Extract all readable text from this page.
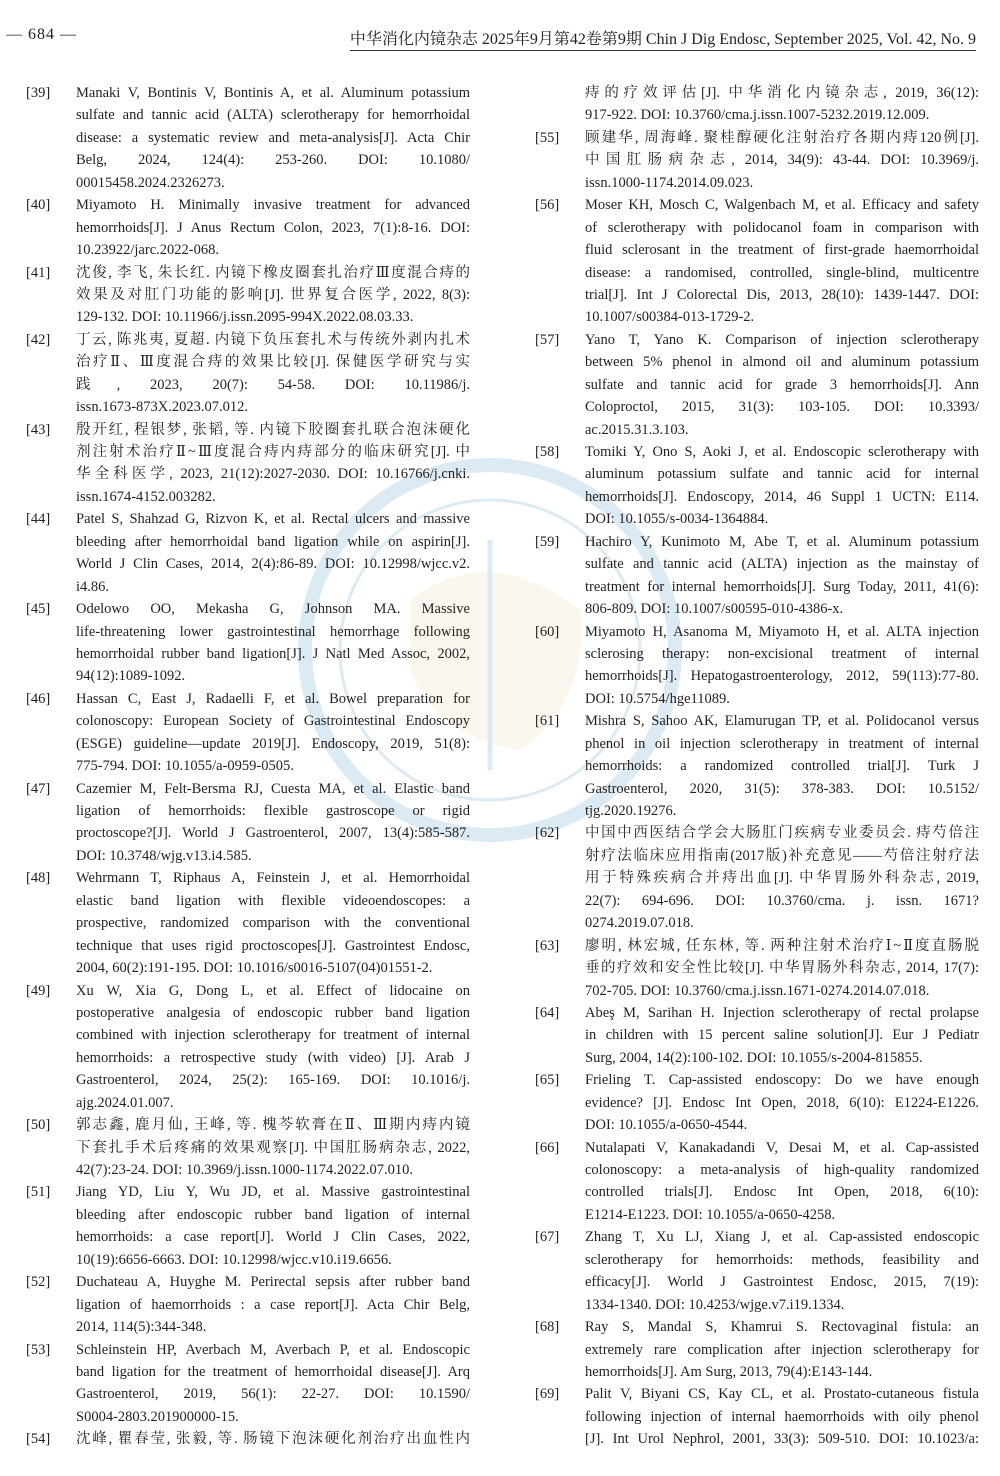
— 684 —	中华消化内镜杂志 2025年9月第42卷第9期 Chin J Dig Endosc, September 2025, Vol. 42, No. 9
[39] Manaki V, Bontinis V, Bontinis A, et al. Aluminum potassium
sulfate and tannic acid (ALTA) sclerotherapy for hemorrhoidal
disease: a systematic review and meta-analysis[J]. Acta Chir
Belg, 2024, 124(4): 253-260. DOI: 10.1080/
00015458.2024.2326273.
[40] Miyamoto H. Minimally invasive treatment for advanced
hemorrhoids[J]. J Anus Rectum Colon, 2023, 7(1):8-16. DOI:
10.23922/jarc.2022-068.
[41] 沈俊, 李飞, 朱长红. 内镜下橡皮圈套扎治疗Ⅲ度混合痔的
效果及对肛门功能的影响[J]. 世界复合医学, 2022, 8(3):
129-132. DOI: 10.11966/j.issn.2095-994X.2022.08.03.33.
[42] 丁云, 陈兆夷, 夏超. 内镜下负压套扎术与传统外剥内扎术
治疗Ⅱ、Ⅲ度混合痔的效果比较[J]. 保健医学研究与实
践, 2023, 20(7): 54-58. DOI: 10.11986/j.
issn.1673-873X.2023.07.012.
[43] 殷开红, 程银梦, 张韬, 等. 内镜下胶圈套扎联合泡沫硬化
剂注射术治疗Ⅱ~Ⅲ度混合痔内痔部分的临床研究[J]. 中
华全科医学, 2023, 21(12):2027-2030. DOI: 10.16766/j.cnki.
issn.1674-4152.003282.
[44] Patel S, Shahzad G, Rizvon K, et al. Rectal ulcers and massive
bleeding after hemorrhoidal band ligation while on aspirin[J].
World J Clin Cases, 2014, 2(4):86-89. DOI: 10.12998/wjcc.v2.
i4.86.
[45] Odelowo OO, Mekasha G, Johnson MA. Massive
life-threatening lower gastrointestinal hemorrhage following
hemorrhoidal rubber band ligation[J]. J Natl Med Assoc, 2002,
94(12):1089-1092.
[46] Hassan C, East J, Radaelli F, et al. Bowel preparation for
colonoscopy: European Society of Gastrointestinal Endoscopy
(ESGE) guideline—update 2019[J]. Endoscopy, 2019, 51(8):
775-794. DOI: 10.1055/a-0959-0505.
[47] Cazemier M, Felt-Bersma RJ, Cuesta MA, et al. Elastic band
ligation of hemorrhoids: flexible gastroscope or rigid
proctoscope?[J]. World J Gastroenterol, 2007, 13(4):585-587.
DOI: 10.3748/wjg.v13.i4.585.
[48] Wehrmann T, Riphaus A, Feinstein J, et al. Hemorrhoidal
elastic band ligation with flexible videoendoscopes: a
prospective, randomized comparison with the conventional
technique that uses rigid proctoscopes[J]. Gastrointest Endosc,
2004, 60(2):191-195. DOI: 10.1016/s0016-5107(04)01551-2.
[49] Xu W, Xia G, Dong L, et al. Effect of lidocaine on
postoperative analgesia of endoscopic rubber band ligation
combined with injection sclerotherapy for treatment of internal
hemorrhoids: a retrospective study (with video) [J]. Arab J
Gastroenterol, 2024, 25(2): 165-169. DOI: 10.1016/j.
ajg.2024.01.007.
[50] 郭志鑫, 鹿月仙, 王峰, 等. 槐芩软膏在Ⅱ、Ⅲ期内痔内镜
下套扎手术后疼痛的效果观察[J]. 中国肛肠病杂志, 2022,
42(7):23-24. DOI: 10.3969/j.issn.1000-1174.2022.07.010.
[51] Jiang YD, Liu Y, Wu JD, et al. Massive gastrointestinal
bleeding after endoscopic rubber band ligation of internal
hemorrhoids: a case report[J]. World J Clin Cases, 2022,
10(19):6656-6663. DOI: 10.12998/wjcc.v10.i19.6656.
[52] Duchateau A, Huyghe M. Perirectal sepsis after rubber band
ligation of haemorrhoids : a case report[J]. Acta Chir Belg,
2014, 114(5):344-348.
[53] Schleinstein HP, Averbach M, Averbach P, et al. Endoscopic
band ligation for the treatment of hemorrhoidal disease[J]. Arq
Gastroenterol, 2019, 56(1): 22-27. DOI: 10.1590/
S0004-2803.201900000-15.
[54] 沈峰, 瞿春莹, 张毅, 等. 肠镜下泡沫硬化剂治疗出血性内
痔的疗效评估[J]. 中华消化内镜杂志, 2019, 36(12):
917-922. DOI: 10.3760/cma.j.issn.1007-5232.2019.12.009.
[55] 顾建华, 周海峰. 聚桂醇硬化注射治疗各期内痔120例[J].
中国肛肠病杂志, 2014, 34(9): 43-44. DOI: 10.3969/j.
issn.1000-1174.2014.09.023.
[56] Moser KH, Mosch C, Walgenbach M, et al. Efficacy and safety
of sclerotherapy with polidocanol foam in comparison with
fluid sclerosant in the treatment of first-grade haemorrhoidal
disease: a randomised, controlled, single-blind, multicentre
trial[J]. Int J Colorectal Dis, 2013, 28(10): 1439-1447. DOI:
10.1007/s00384-013-1729-2.
[57] Yano T, Yano K. Comparison of injection sclerotherapy
between 5% phenol in almond oil and aluminum potassium
sulfate and tannic acid for grade 3 hemorrhoids[J]. Ann
Coloproctol, 2015, 31(3): 103-105. DOI: 10.3393/
ac.2015.31.3.103.
[58] Tomiki Y, Ono S, Aoki J, et al. Endoscopic sclerotherapy with
aluminum potassium sulfate and tannic acid for internal
hemorrhoids[J]. Endoscopy, 2014, 46 Suppl 1 UCTN: E114.
DOI: 10.1055/s-0034-1364884.
[59] Hachiro Y, Kunimoto M, Abe T, et al. Aluminum potassium
sulfate and tannic acid (ALTA) injection as the mainstay of
treatment for internal hemorrhoids[J]. Surg Today, 2011, 41(6):
806-809. DOI: 10.1007/s00595-010-4386-x.
[60] Miyamoto H, Asanoma M, Miyamoto H, et al. ALTA injection
sclerosing therapy: non-excisional treatment of internal
hemorrhoids[J]. Hepatogastroenterology, 2012, 59(113):77-80.
DOI: 10.5754/hge11089.
[61] Mishra S, Sahoo AK, Elamurugan TP, et al. Polidocanol versus
phenol in oil injection sclerotherapy in treatment of internal
hemorrhoids: a randomized controlled trial[J]. Turk J
Gastroenterol, 2020, 31(5): 378-383. DOI: 10.5152/
tjg.2020.19276.
[62] 中国中西医结合学会大肠肛门疾病专业委员会. 痔芍倍注
射疗法临床应用指南(2017版)补充意见——芍倍注射疗法
用于特殊疾病合并痔出血[J]. 中华胃肠外科杂志, 2019,
22(7): 694-696. DOI: 10.3760/cma. j. issn. 1671?
0274.2019.07.018.
[63] 廖明, 林宏城, 任东林, 等. 两种注射术治疗Ⅰ~Ⅱ度直肠脱
垂的疗效和安全性比较[J]. 中华胃肠外科杂志, 2014, 17(7):
702-705. DOI: 10.3760/cma.j.issn.1671-0274.2014.07.018.
[64] Abeş M, Sarihan H. Injection sclerotherapy of rectal prolapse
in children with 15 percent saline solution[J]. Eur J Pediatr
Surg, 2004, 14(2):100-102. DOI: 10.1055/s-2004-815855.
[65] Frieling T. Cap-assisted endoscopy: Do we have enough
evidence? [J]. Endosc Int Open, 2018, 6(10): E1224-E1226.
DOI: 10.1055/a-0650-4544.
[66] Nutalapati V, Kanakadandi V, Desai M, et al. Cap-assisted
colonoscopy: a meta-analysis of high-quality randomized
controlled trials[J]. Endosc Int Open, 2018, 6(10):
E1214-E1223. DOI: 10.1055/a-0650-4258.
[67] Zhang T, Xu LJ, Xiang J, et al. Cap-assisted endoscopic
sclerotherapy for hemorrhoids: methods, feasibility and
efficacy[J]. World J Gastrointest Endosc, 2015, 7(19):
1334-1340. DOI: 10.4253/wjge.v7.i19.1334.
[68] Ray S, Mandal S, Khamrui S. Rectovaginal fistula: an
extremely rare complication after injection sclerotherapy for
hemorrhoids[J]. Am Surg, 2013, 79(4):E143-144.
[69] Palit V, Biyani CS, Kay CL, et al. Prostato-cutaneous fistula
following injection of internal haemorrhoids with oily phenol
[J]. Int Urol Nephrol, 2001, 33(3): 509-510. DOI: 10.1023/a:
